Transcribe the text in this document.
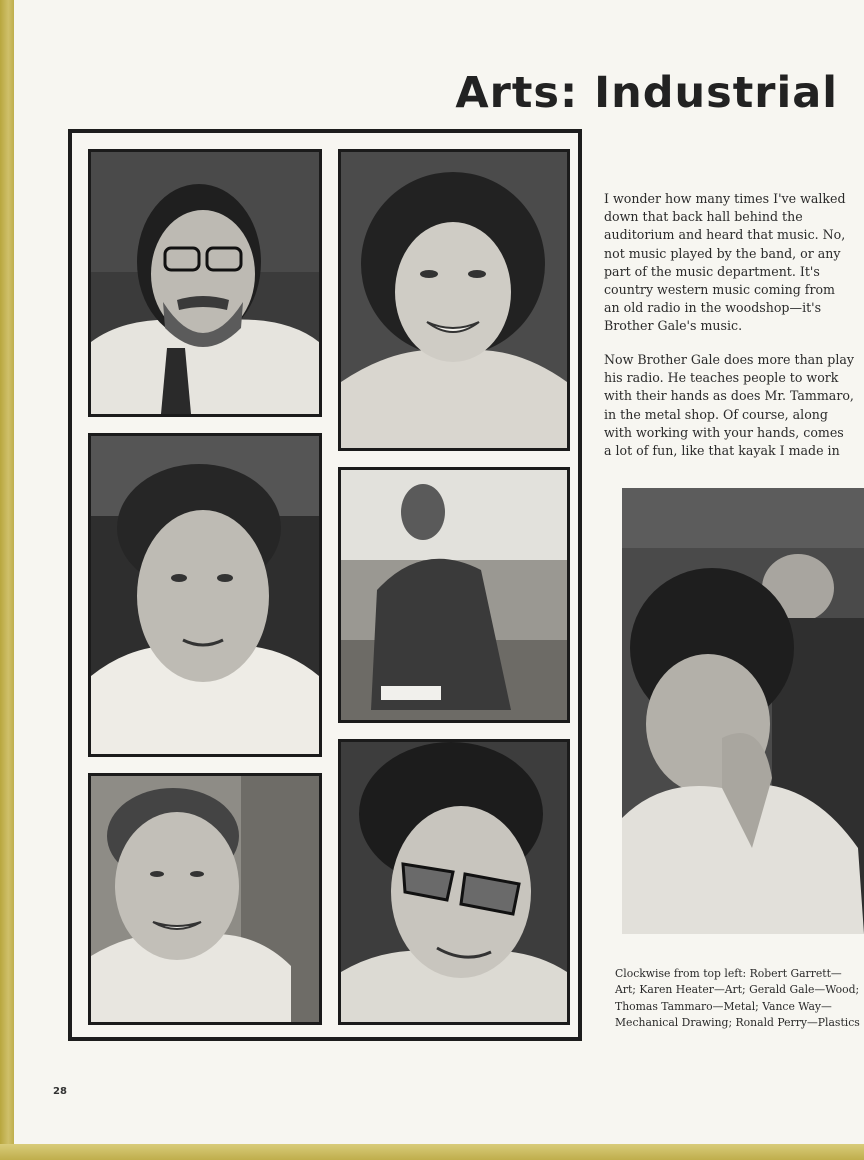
Arts: Industrial

I wonder how many times I've walked down that back hall behind the auditorium and heard that music. No, not music played by the band, or any part of the music department. It's country western music coming from an old radio in the woodshop—it's Brother Gale's music.

Now Brother Gale does more than play his radio. He teaches people to work with their hands as does Mr. Tammaro, in the metal shop. Of course, along with working with your hands, comes a lot of fun, like that kayak I made in

Clockwise from top left: Robert Garrett—Art; Karen Heater—Art; Gerald Gale—Wood; Thomas Tammaro—Metal; Vance Way—Mechanical Drawing; Ronald Perry—Plastics

28
